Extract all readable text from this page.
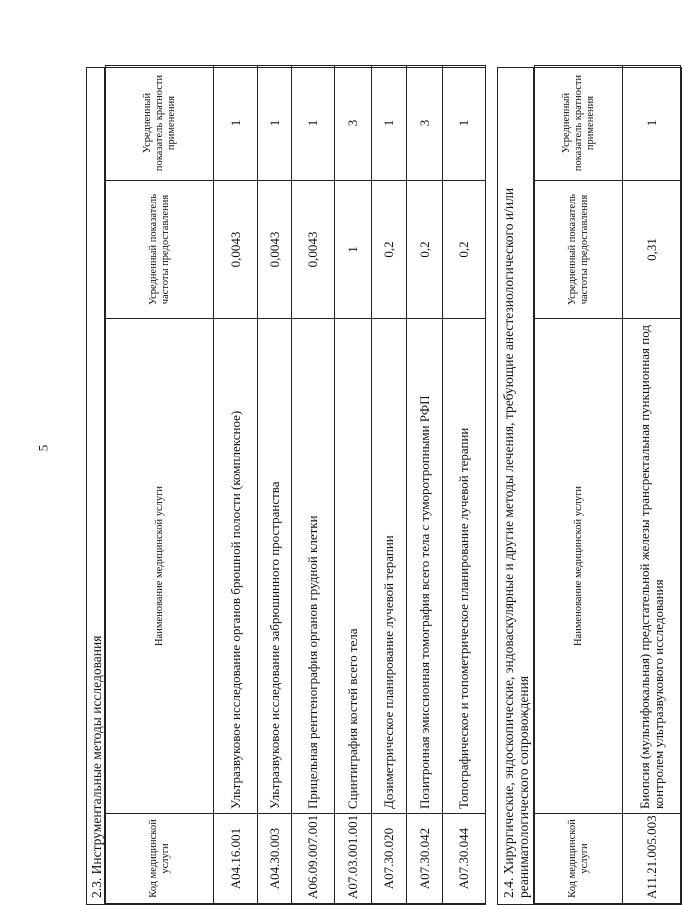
5
2.3. Инструментальные методы исследования	Код медицинской услуги	Наименование медицинской услуги	Усредненный показатель частоты предоставления	Усредненный показатель кратности применения
A04.16.001	Ультразвуковое исследование органов брюшной полости (комплексное)	0,0043	1
A04.30.003	Ультразвуковое исследование забрюшинного пространства	0,0043	1
A06.09.007.001	Прицельная рентгенография органов грудной клетки	0,0043	1
A07.03.001.001	Сцинтиграфия костей всего тела	1	3
A07.30.020	Дозиметрическое планирование лучевой терапии	0,2	1
A07.30.042	Позитронная эмиссионная томография всего тела с туморотропными РФП	0,2	3
A07.30.044	Топографическое и топометрическое планирование лучевой терапии	0,2	1
2.4. Хирургические, эндоскопические, эндоваскулярные и другие методы лечения, требующие анестезиологического и/или реаниматологического сопровождения	Код медицинской услуги	Наименование медицинской услуги	Усредненный показатель частоты предоставления	Усредненный показатель кратности применения
A11.21.005.003	Биопсия (мультифокальная) предстательной железы трансректальная пункционная под контролем ультразвукового исследования	0,31	1
